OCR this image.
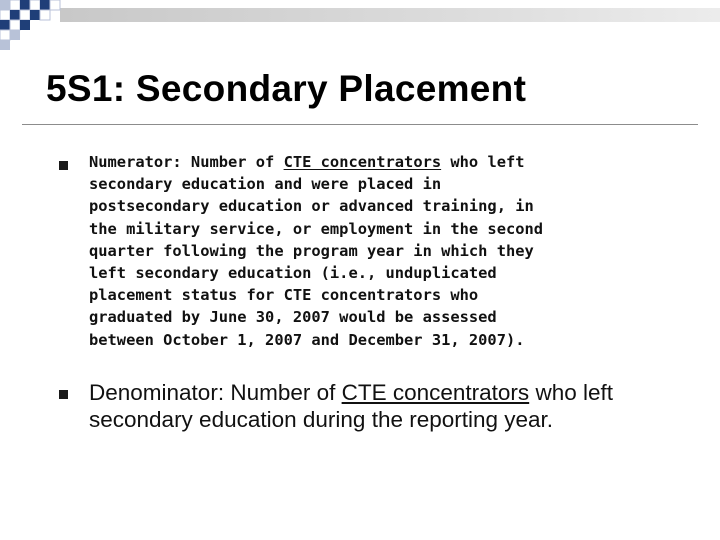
5S1: Secondary Placement
Numerator: Number of CTE concentrators who left
secondary education and were placed in
postsecondary education or advanced training, in
the military service, or employment in the second
quarter following the program year in which they
left secondary education (i.e., unduplicated
placement status for CTE concentrators who
graduated by June 30, 2007 would be assessed
between October 1, 2007 and December 31, 2007).
Denominator: Number of CTE concentrators who left secondary education during the reporting year.
